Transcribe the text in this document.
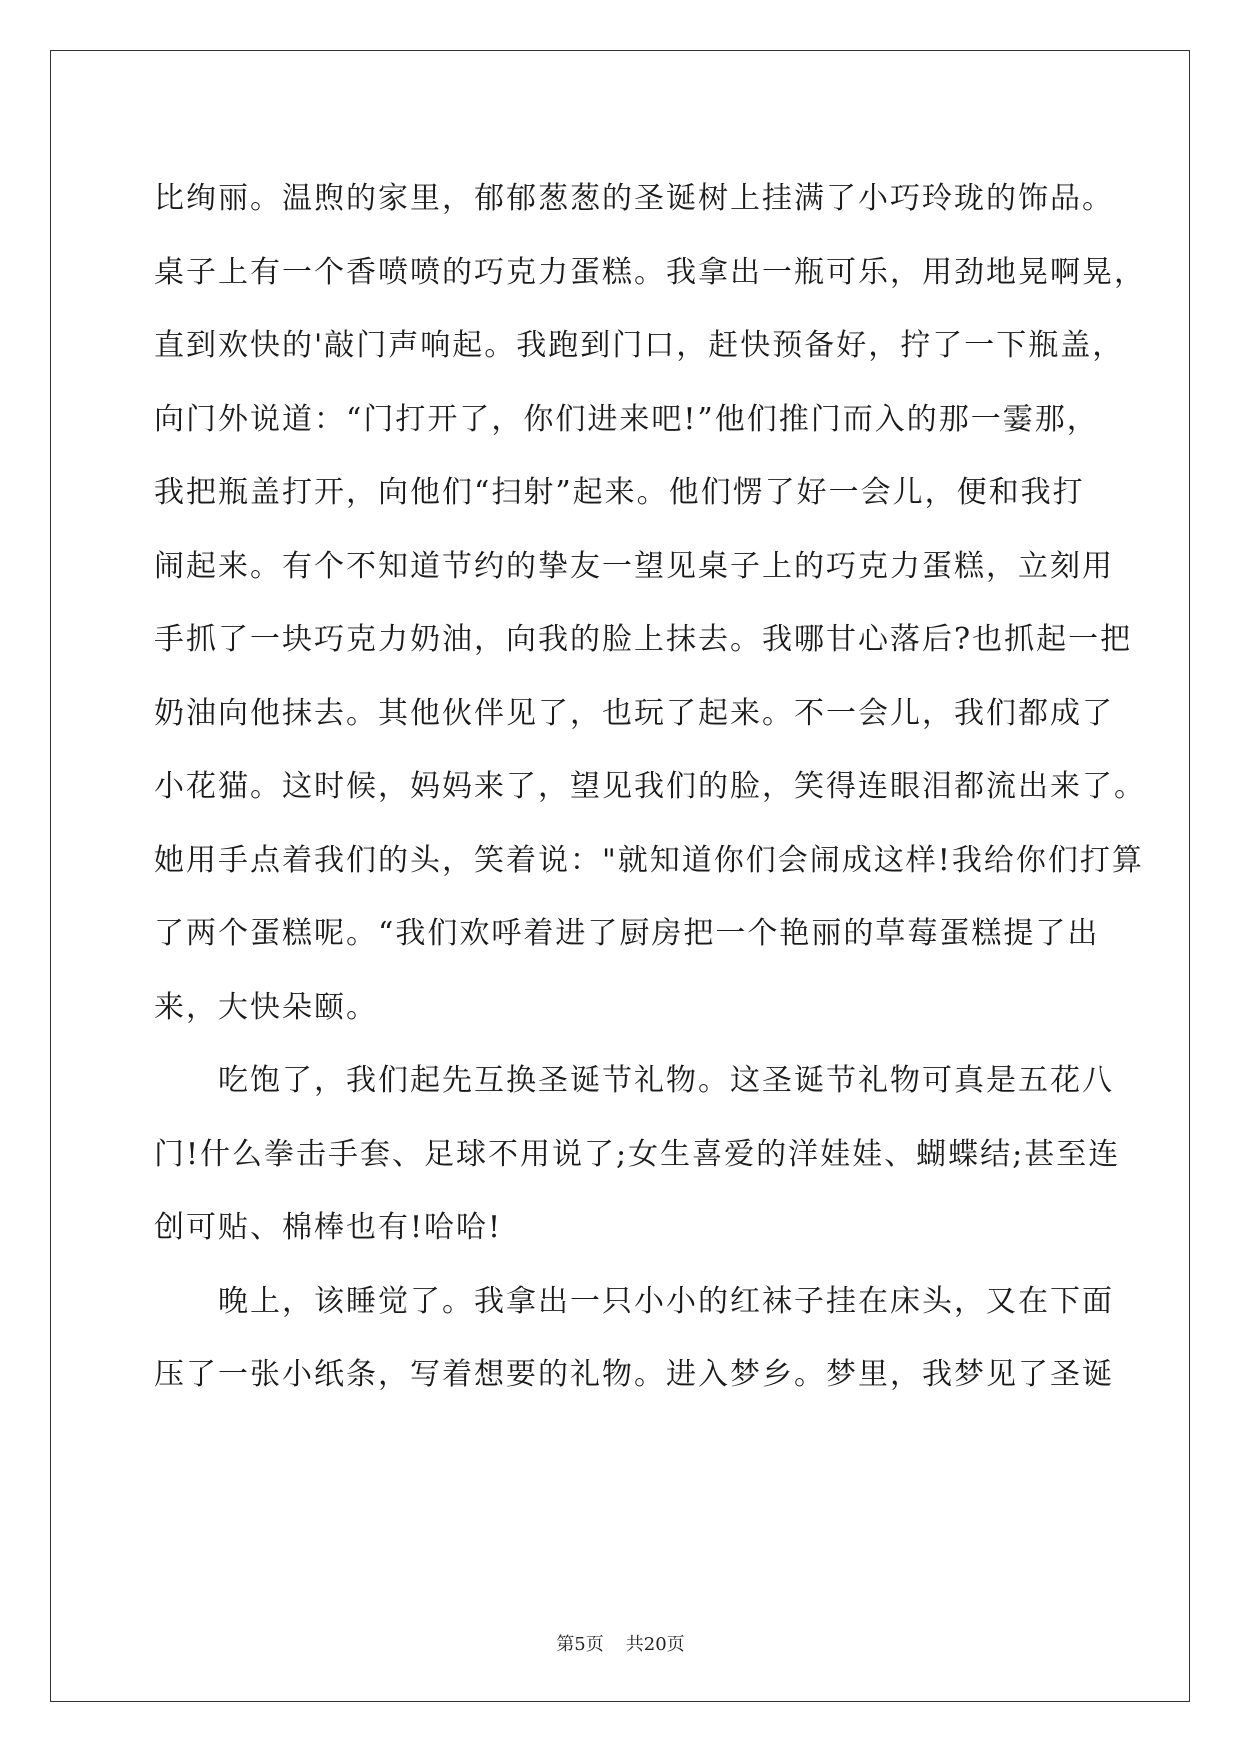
比绚丽。温煦的家里，郁郁葱葱的圣诞树上挂满了小巧玲珑的饰品。
桌子上有一个香喷喷的巧克力蛋糕。我拿出一瓶可乐，用劲地晃啊晃，
直到欢快的'敲门声响起。我跑到门口，赶快预备好，拧了一下瓶盖，
向门外说道：“门打开了，你们进来吧!”他们推门而入的那一霎那，
我把瓶盖打开，向他们“扫射”起来。他们愣了好一会儿，便和我打
闹起来。有个不知道节约的挚友一望见桌子上的巧克力蛋糕，立刻用
手抓了一块巧克力奶油，向我的脸上抹去。我哪甘心落后?也抓起一把
奶油向他抹去。其他伙伴见了，也玩了起来。不一会儿，我们都成了
小花猫。这时候，妈妈来了，望见我们的脸，笑得连眼泪都流出来了。
她用手点着我们的头，笑着说："就知道你们会闹成这样!我给你们打算
了两个蛋糕呢。“我们欢呼着进了厨房把一个艳丽的草莓蛋糕提了出
来，大快朵颐。
吃饱了，我们起先互换圣诞节礼物。这圣诞节礼物可真是五花八
门!什么拳击手套、足球不用说了;女生喜爱的洋娃娃、蝴蝶结;甚至连
创可贴、棉棒也有!哈哈!
晚上，该睡觉了。我拿出一只小小的红袜子挂在床头，又在下面
压了一张小纸条，写着想要的礼物。进入梦乡。梦里，我梦见了圣诞
第5页 共20页
